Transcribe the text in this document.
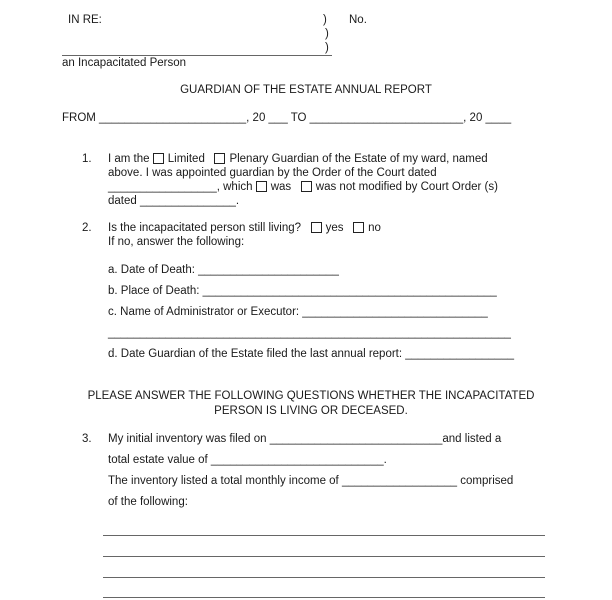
IN RE:	)
)
)
No.
an Incapacitated Person
GUARDIAN OF THE ESTATE ANNUAL REPORT
FROM _______________________, 20 ___ TO ________________________, 20 ____
1. I am the Limited Plenary Guardian of the Estate of my ward, named
above. I was appointed guardian by the Order of the Court dated
_________________, which was was not modified by Court Order (s)
dated _______________.
2. Is the incapacitated person still living? yes no
If no, answer the following:
a. Date of Death: ______________________
b. Place of Death: ______________________________________________
c. Name of Administrator or Executor: _____________________________
_______________________________________________________________
d. Date Guardian of the Estate filed the last annual report: _________________
PLEASE ANSWER THE FOLLOWING QUESTIONS WHETHER THE INCAPACITATED
PERSON IS LIVING OR DECEASED.
3. My initial inventory was filed on ___________________________and listed a
total estate value of ___________________________.
The inventory listed a total monthly income of __________________ comprised
of the following:
